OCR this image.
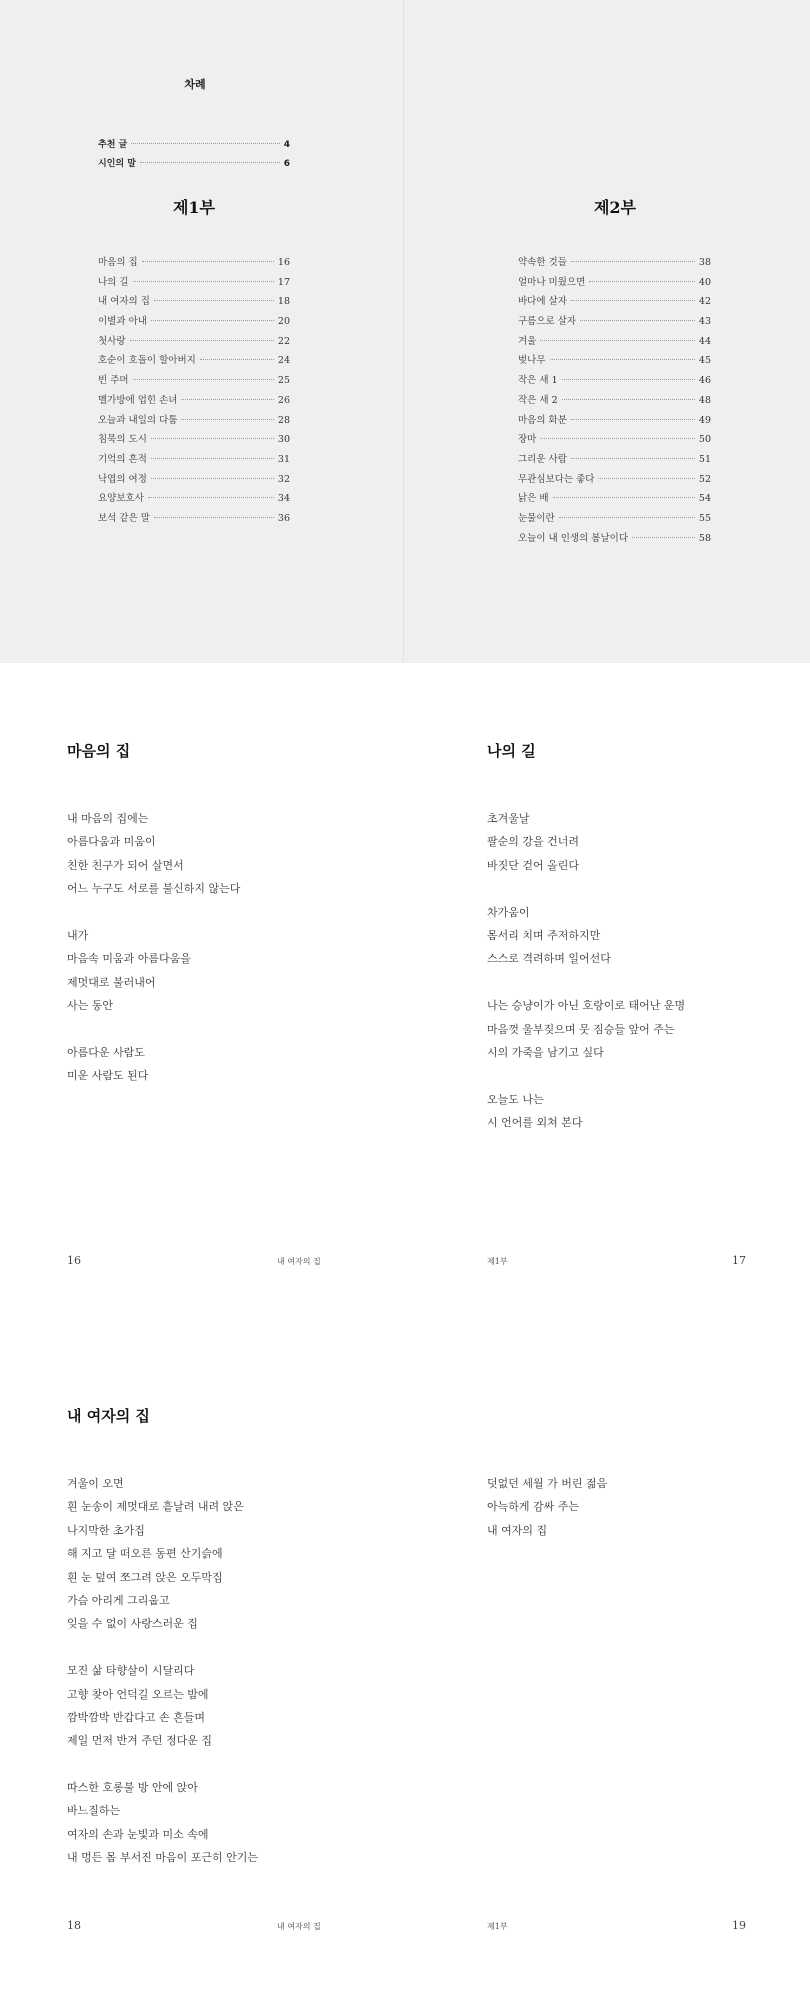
차례
추천 글	4
시인의 말	6
제1부
마음의 집	16
나의 길	17
내 여자의 집	18
이별과 아내	20
첫사랑	22
호순이 호돌이 할아버지	24
빈 주머	25
멜가방에 업힌 손녀	26
오늘과 내일의 다툼	28
침묵의 도시	30
기억의 흔적	31
낙엽의 여정	32
요양보호사	34
보석 같은 말	36
제2부
약속한 것들	38
얼마나 미웠으면	40
바다에 살자	42
구름으로 살자	43
겨울	44
벚나무	45
작은 새 1	46
작은 새 2	48
마음의 화분	49
장마	50
그리운 사람	51
무관심보다는 좋다	52
낡은 배	54
눈물이란	55
오늘이 내 인생의 봄날이다	58
마음의 집
내 마음의 집에는
아름다움과 미움이
친한 친구가 되어 살면서
어느 누구도 서로를 불신하지 않는다
내가
마음속 미움과 아름다움을
제멋대로 불러내어
사는 동안
아름다운 사람도
미운 사람도 된다
16	내 여자의 집
나의 길
초겨울날
팔순의 강을 건너려
바짓단 걷어 올린다
차가움이
몸서리 치며 주저하지만
스스로 격려하며 일어선다
나는 승냥이가 아닌 호랑이로 태어난 운명
마음껏 울부짖으며 뭇 짐승들 앞어 주는
시의 가죽을 남기고 싶다
오늘도 나는
시 언어를 외쳐 본다
제1부	17
내 여자의 집
겨울이 오면
흰 눈송이 제멋대로 흩날려 내려 앉은
나지막한 초가집
해 지고 달 떠오른 동편 산기슭에
흰 눈 덮여 쪼그려 앉은 오두막집
가슴 아리게 그리웁고
잊을 수 없이 사랑스러운 집
모진 삶 타향살이 시달리다
고향 찾아 언덕길 오르는 밤에
깜박깜박 반갑다고 손 흔들며
제일 먼저 반겨 주던 정다운 집
따스한 호롱불 방 안에 앉아
바느질하는
여자의 손과 눈빛과 미소 속에
내 멍든 몸 부서진 마음이 포근히 안기는
18	내 여자의 집
덧없던 세월 가 버린 젊음
아늑하게 감싸 주는
내 여자의 집
제1부	19
